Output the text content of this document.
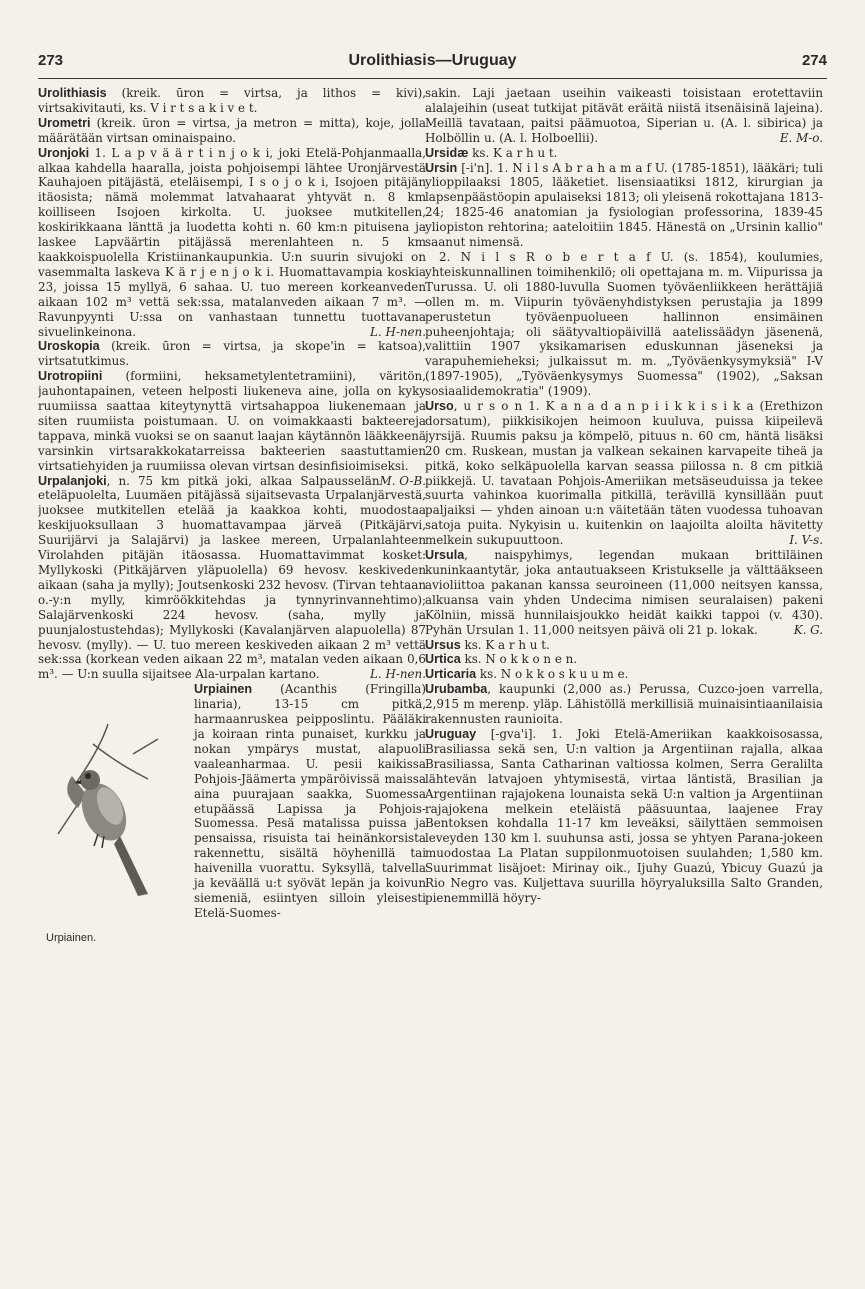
273	Urolithiasis—Uruguay	274

Urolithiasis (kreik. ūron = virtsa, ja lithos = kivi), virtsakivitauti, ks. V i r t s a k i v e t.

Urometri (kreik. ūron = virtsa, ja metron = mitta), koje, jolla määrätään virtsan ominaispaino.

Uronjoki 1. L a p v ä ä r t i n j o k i, joki Etelä-Pohjanmaalla, alkaa kahdella haaralla, joista pohjoisempi lähtee Uronjärvestä Kauhajoen pitäjästä, eteläisempi, I s o j o k i, Isojoen pitäjän itäosista; nämä molemmat latvahaarat yhtyvät n. 8 km koilliseen Isojoen kirkolta. U. juoksee mutkitellen, koskirikkaana länttä ja luodetta kohti n. 60 km:n pituisena ja laskee Lapväärtin pitäjässä merenlahteen n. 5 km kaakkoispuolella Kristiinankaupunkia. U:n suurin sivujoki on vasemmalta laskeva K ä r j e n j o k i. Huomattavampia koskia 23, joissa 15 myllyä, 6 sahaa. U. tuo mereen korkeanveden aikaan 102 m³ vettä sek:ssa, matalanveden aikaan 7 m³. — Ravunpyynti U:ssa on vanhastaan tunnettu tuottavana sivuelinkeinona.	L. H-nen.

Uroskopia (kreik. ūron = virtsa, ja skope'in = katsoa), virtsatutkimus.

Urotropiini (formiini, heksametylentetramiini), väritön, jauhontapainen, veteen helposti liukeneva aine, jolla on kyky ruumiissa saattaa kiteytynyttä virtsahappoa liukenemaan ja siten ruumiista poistumaan. U. on voimakkaasti bakteereja tappava, minkä vuoksi se on saanut laajan käytännön lääkkeenä varsinkin virtsarakkokatarreissa bakteerien saastuttamien virtsatiehyiden ja ruumiissa olevan virtsan desinfisioimiseksi.
M. O-B.

Urpalanjoki, n. 75 km pitkä joki, alkaa Salpausselän eteläpuolelta, Luumäen pitäjässä sijaitsevasta Urpalanjärvestä, juoksee mutkitellen etelää ja kaakkoa kohti, muodostaa keskijuoksullaan 3 huomattavampaa järveä (Pitkäjärvi, Suurijärvi ja Salajärvi) ja laskee mereen, Urpalanlahteen Virolahden pitäjän itäosassa. Huomattavimmat kosket: Myllykoski (Pitkäjärven yläpuolella) 69 hevosv. keskiveden aikaan (saha ja mylly); Joutsenkoski 232 hevosv. (Tirvan tehtaan o.-y:n mylly, kimröökkitehdas ja tynnyrinvannehtimo); Salajärvenkoski 224 hevosv. (saha, mylly ja puunjalostustehdas); Myllykoski (Kavalanjärven alapuolella) 87 hevosv. (mylly). — U. tuo mereen keskiveden aikaan 2 m³ vettä sek:ssa (korkean veden aikaan 22 m³, matalan veden aikaan 0,6 m³. — U:n suulla sijaitsee Ala-urpalan kartano.	L. H-nen.

Urpiainen
Urpiainen.
(Acanthis (Fringilla) linaria), 13-15 cm pitkä, harmaanruskea peipposlintu. Pääläki ja koiraan rinta punaiset, kurkku ja nokan ympärys mustat, alapuoli vaaleanharmaa. U. pesii kaikissa Pohjois-Jäämerta ympäröivissä maissa aina puurajaan saakka, Suomessa etupäässä Lapissa ja Pohjois-Suomessa. Pesä matalissa puissa ja pensaissa, risuista tai heinänkorsista rakennettu, sisältä höyhenillä tai haivenilla vuorattu. Syksyllä, talvella ja keväällä u:t syövät lepän ja koivun siemeniä, esiintyen silloin yleisesti Etelä-Suomes-

sakin. Laji jaetaan useihin vaikeasti toisistaan erotettaviin alalajeihin (useat tutkijat pitävät eräitä niistä itsenäisinä lajeina). Meillä tavataan, paitsi päämuotoa, Siperian u. (A. l. sibirica) ja Holböllin u. (A. l. Holboellii).	E. M-o.

Ursidæ ks. K a r h u t.

Ursin [-i'n]. 1. N i l s A b r a h a m a f U. (1785-1851), lääkäri; tuli ylioppilaaksi 1805, lääketiet. lisensiaatiksi 1812, kirurgian ja lapsenpäästöopin apulaiseksi 1813; oli yleisenä rokottajana 1813-24; 1825-46 anatomian ja fysiologian professorina, 1839-45 yliopiston rehtorina; aateloitiin 1845. Hänestä on „Ursinin kallio" saanut nimensä.

2. N i l s R o b e r t a f U. (s. 1854), koulumies, yhteiskunnallinen toimihenkilö; oli opettajana m. m. Viipurissa ja Turussa. U. oli 1880-luvulla Suomen työväenliikkeen herättäjiä ollen m. m. Viipurin työväenyhdistyksen perustajia ja 1899 perustetun työväenpuolueen hallinnon ensimäinen puheenjohtaja; oli säätyvaltiopäivillä aatelissäädyn jäsenenä, valittiin 1907 yksikamarisen eduskunnan jäseneksi ja varapuhemieheksi; julkaissut m. m. „Työväenkysymyksiä" I-V (1897-1905), „Työväenkysymys Suomessa" (1902), „Saksan sosiaalidemokratia" (1909).

Urso, u r s o n 1. K a n a d a n p i i k k i s i k a (Erethizon dorsatum), piikkisikojen heimoon kuuluva, puissa kiipeilevä jyrsijä. Ruumis paksu ja kömpelö, pituus n. 60 cm, häntä lisäksi 20 cm. Ruskean, mustan ja valkean sekainen karvapeite tiheä ja pitkä, koko selkäpuolella karvan seassa piilossa n. 8 cm pitkiä piikkejä. U. tavataan Pohjois-Ameriikan metsäseuduissa ja tekee suurta vahinkoa kuorimalla pitkillä, terävillä kynsillään puut paljaiksi — yhden ainoan u:n väitetään täten vuodessa tuhoavan satoja puita. Nykyisin u. kuitenkin on laajoilta aloilta hävitetty melkein sukupuuttoon.	I. V-s.

Ursula, naispyhimys, legendan mukaan brittiläinen kuninkaantytär, joka antautuakseen Kristukselle ja välttääkseen avioliittoa pakanan kanssa seuroineen (11,000 neitsyen kanssa, alkuansa vain yhden Undecima nimisen seuralaisen) pakeni Kölniin, missä hunnilaisjoukko heidät kaikki tappoi (v. 430). Pyhän Ursulan 1. 11,000 neitsyen päivä oli 21 p. lokak.	K. G.

Ursus ks. K a r h u t.

Urtica ks. N o k k o n e n.

Urticaria ks. N o k k o s k u u m e.

Urubamba, kaupunki (2,000 as.) Perussa, Cuzco-joen varrella, 2,915 m merenp. yläp. Lähistöllä merkillisiä muinaisintiaanilaisia rakennusten raunioita.

Uruguay [-gva'i]. 1. Joki Etelä-Ameriikan kaakkoisosassa, Brasiliassa sekä sen, U:n valtion ja Argentiinan rajalla, alkaa Brasiliassa, Santa Catharinan valtiossa kolmen, Serra Geralilta lähtevän latvajoen yhtymisestä, virtaa läntistä, Brasilian ja Argentiinan rajajokena lounaista sekä U:n valtion ja Argentiinan rajajokena melkein eteläistä pääsuuntaa, laajenee Fray Bentoksen kohdalla 11-17 km leveäksi, säilyttäen semmoisen leveyden 130 km l. suuhunsa asti, jossa se yhtyen Parana-jokeen muodostaa La Platan suppilonmuotoisen suulahden; 1,580 km. Suurimmat lisäjoet: Mirinay oik., Ijuhy Guazú, Ybicuy Guazú ja Rio Negro vas. Kuljettava suurilla höyryaluksilla Salto Granden, pienemmillä höyry-
